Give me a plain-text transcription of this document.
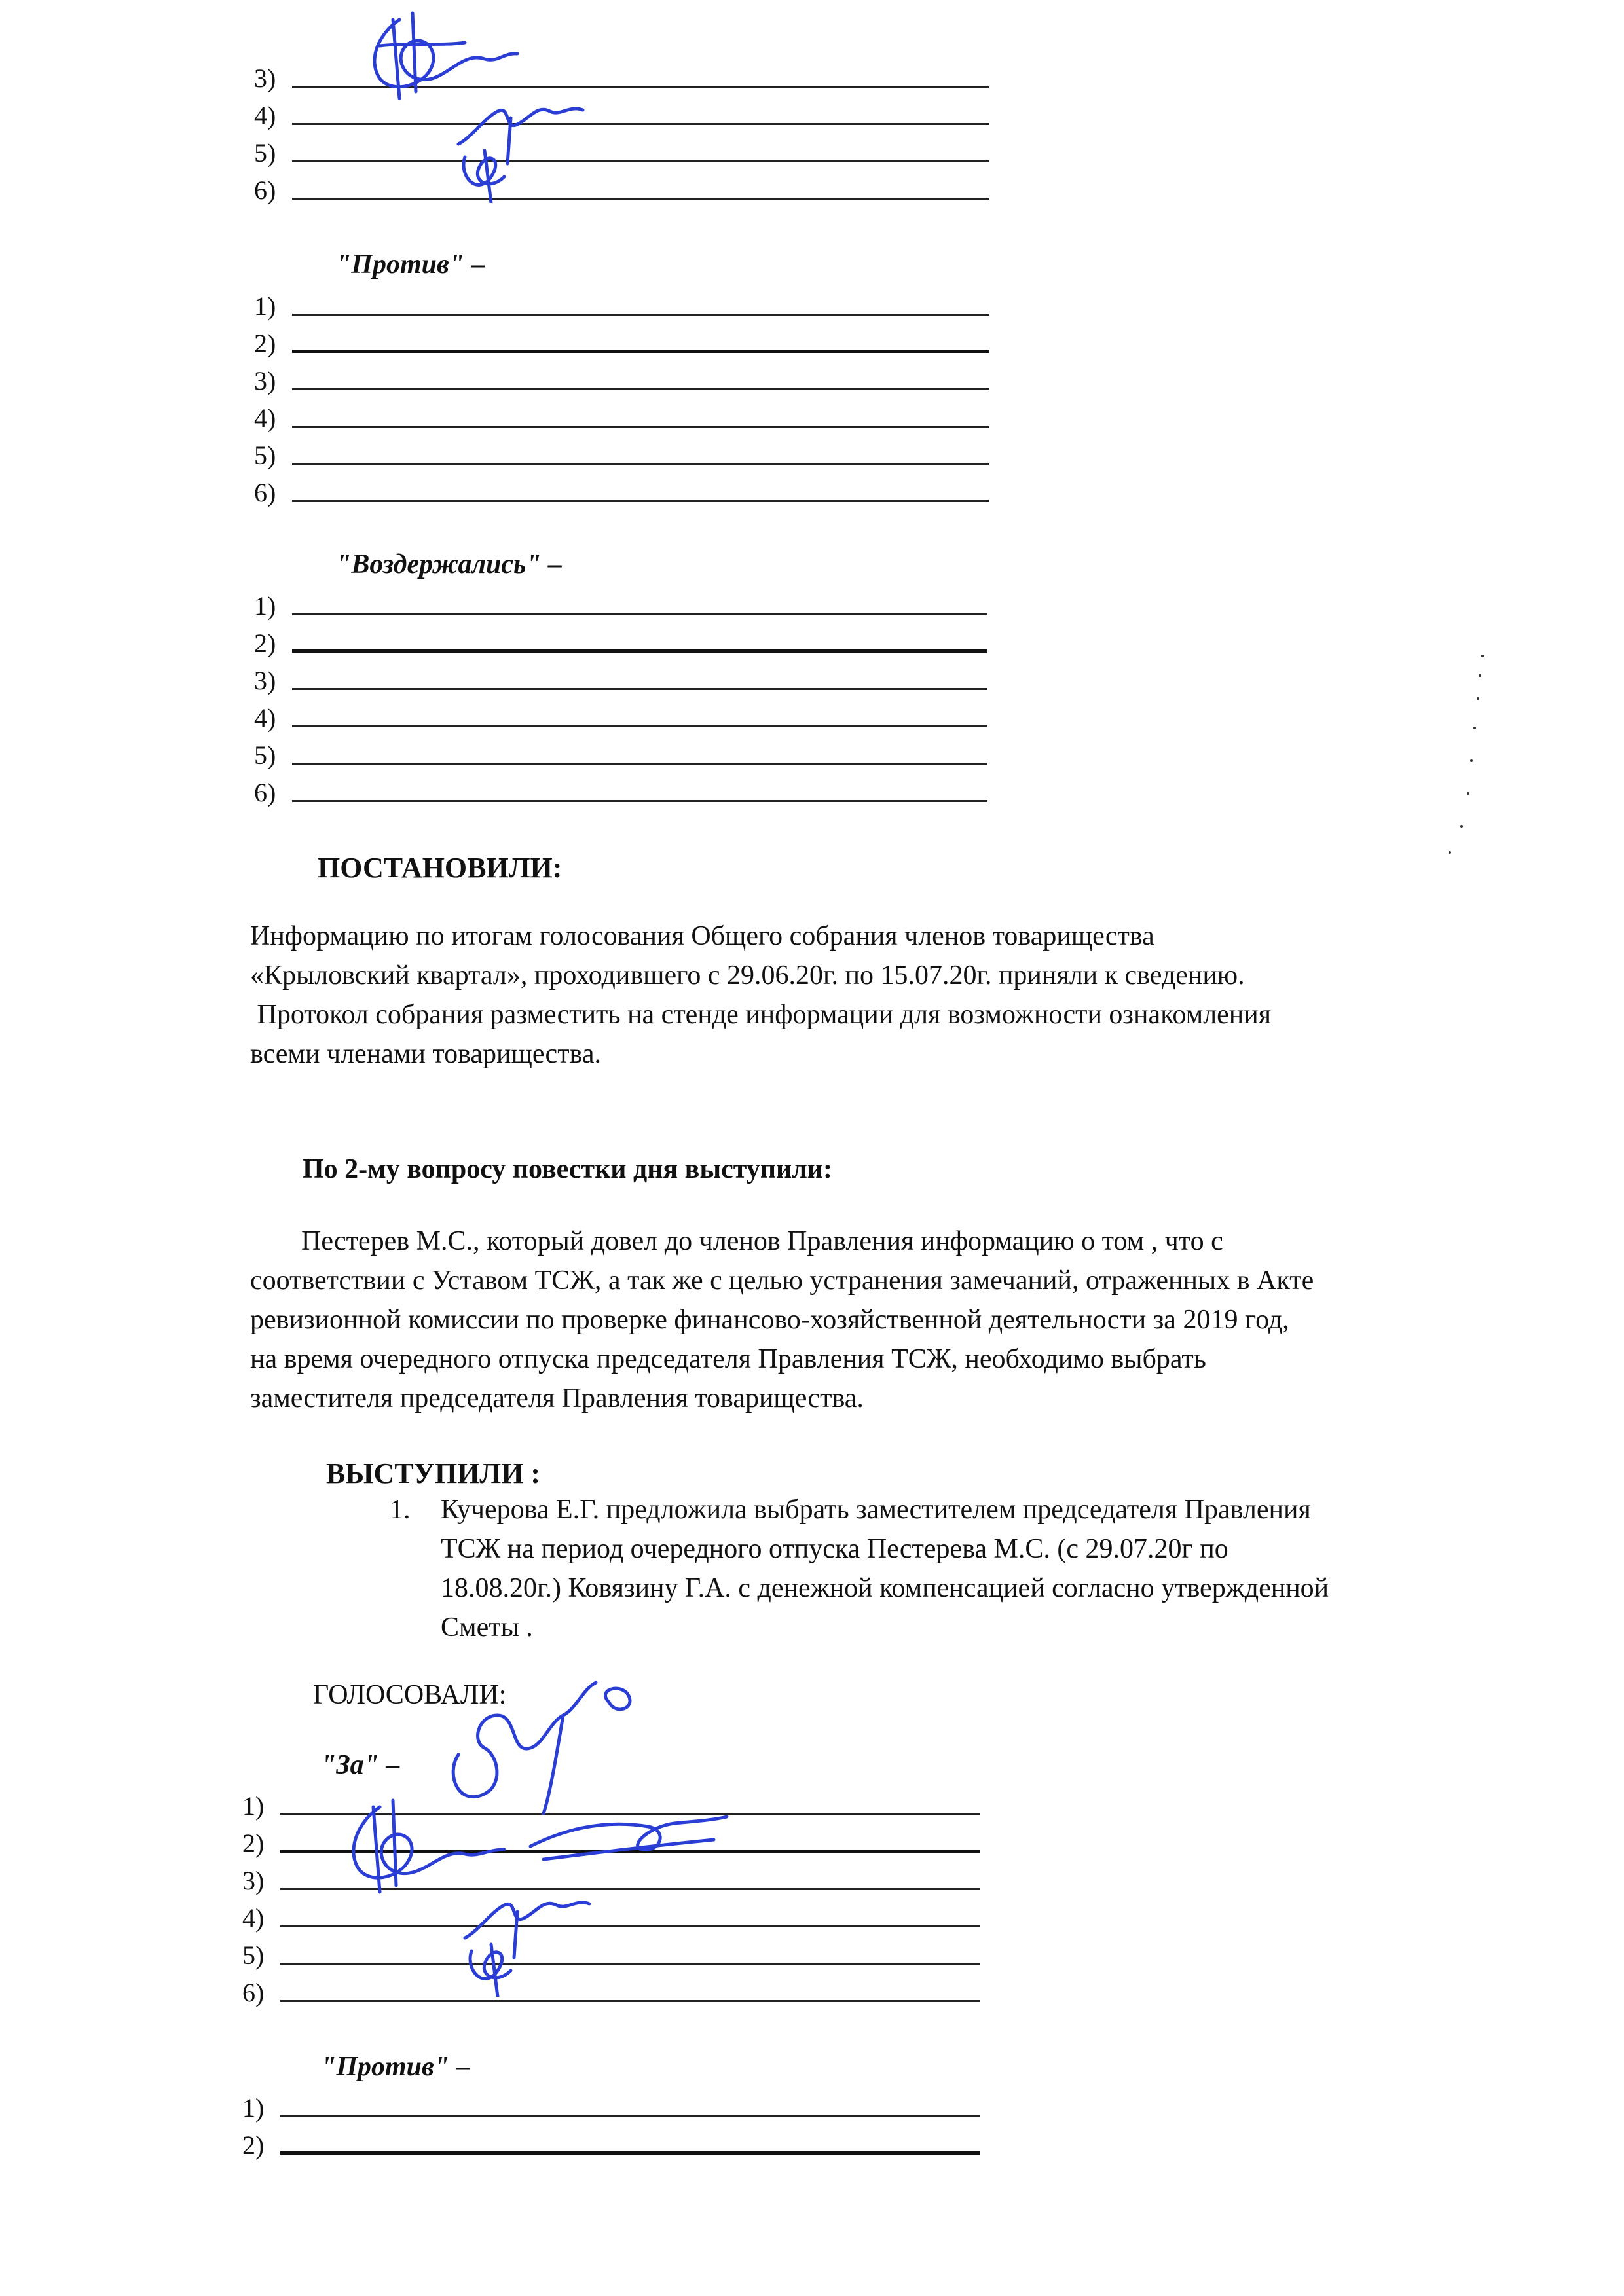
3)
4)
5)
6)
"Против" –
1)
2)
3)
4)
5)
6)
"Воздержались" –
1)
2)
3)
4)
5)
6)
ПОСТАНОВИЛИ:

Информацию по итогам голосования Общего собрания членов товарищества

«Крыловский квартал», проходившего с 29.06.20г. по 15.07.20г. приняли к сведению.

Протокол собрания разместить на стенде информации для возможности ознакомления

всеми членами товарищества.

По 2-му вопросу повестки дня выступили:

Пестерев М.С., который довел до членов Правления информацию о том , что с

соответствии с Уставом ТСЖ, а так же с целью устранения замечаний, отраженных в Акте

ревизионной комиссии по проверке финансово-хозяйственной деятельности за 2019 год,

на время очередного отпуска председателя Правления ТСЖ, необходимо выбрать

заместителя председателя Правления товарищества.

ВЫСТУПИЛИ :
1. Кучерова Е.Г. предложила выбрать заместителем председателя Правления

ТСЖ на период очередного отпуска Пестерева М.С. (с 29.07.20г по

18.08.20г.) Ковязину Г.А. с денежной компенсацией согласно утвержденной

Сметы .

ГОЛОСОВАЛИ:
"За" –
1)
2)
3)
4)
5)
6)
"Против" –
1)
2)
